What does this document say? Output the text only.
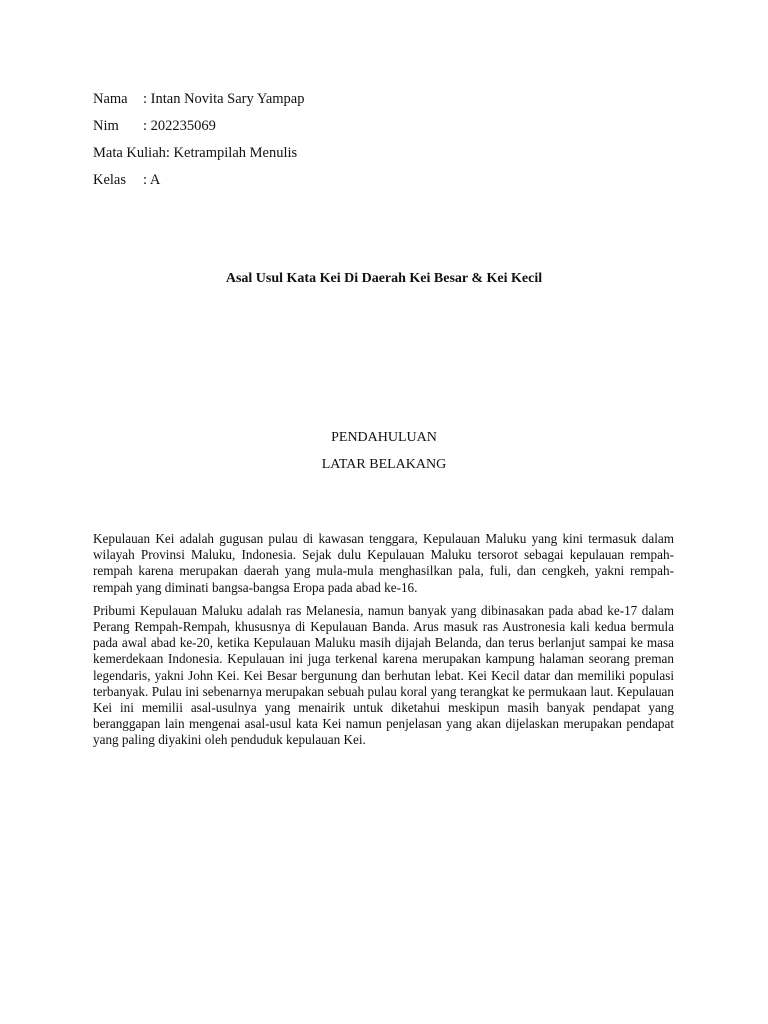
Nama	: Intan Novita Sary Yampap
Nim	: 202235069
Mata Kuliah: Ketrampilah Menulis
Kelas	: A
Asal Usul Kata Kei Di Daerah Kei Besar & Kei Kecil
PENDAHULUAN
LATAR BELAKANG

Kepulauan Kei adalah gugusan pulau di kawasan tenggara, Kepulauan Maluku yang kini termasuk dalam wilayah Provinsi Maluku, Indonesia. Sejak dulu Kepulauan Maluku tersorot sebagai kepulauan rempah-rempah karena merupakan daerah yang mula-mula menghasilkan pala, fuli, dan cengkeh, yakni rempah-rempah yang diminati bangsa-bangsa Eropa pada abad ke-16.

Pribumi Kepulauan Maluku adalah ras Melanesia, namun banyak yang dibinasakan pada abad ke-17 dalam Perang Rempah-Rempah, khususnya di Kepulauan Banda. Arus masuk ras Austronesia kali kedua bermula pada awal abad ke-20, ketika Kepulauan Maluku masih dijajah Belanda, dan terus berlanjut sampai ke masa kemerdekaan Indonesia. Kepulauan ini juga terkenal karena merupakan kampung halaman seorang preman legendaris, yakni John Kei. Kei Besar bergunung dan berhutan lebat. Kei Kecil datar dan memiliki populasi terbanyak. Pulau ini sebenarnya merupakan sebuah pulau koral yang terangkat ke permukaan laut. Kepulauan Kei ini memilii asal-usulnya yang menairik untuk diketahui meskipun masih banyak pendapat yang beranggapan lain mengenai asal-usul kata Kei namun penjelasan yang akan dijelaskan merupakan pendapat yang paling diyakini oleh penduduk kepulauan Kei.
